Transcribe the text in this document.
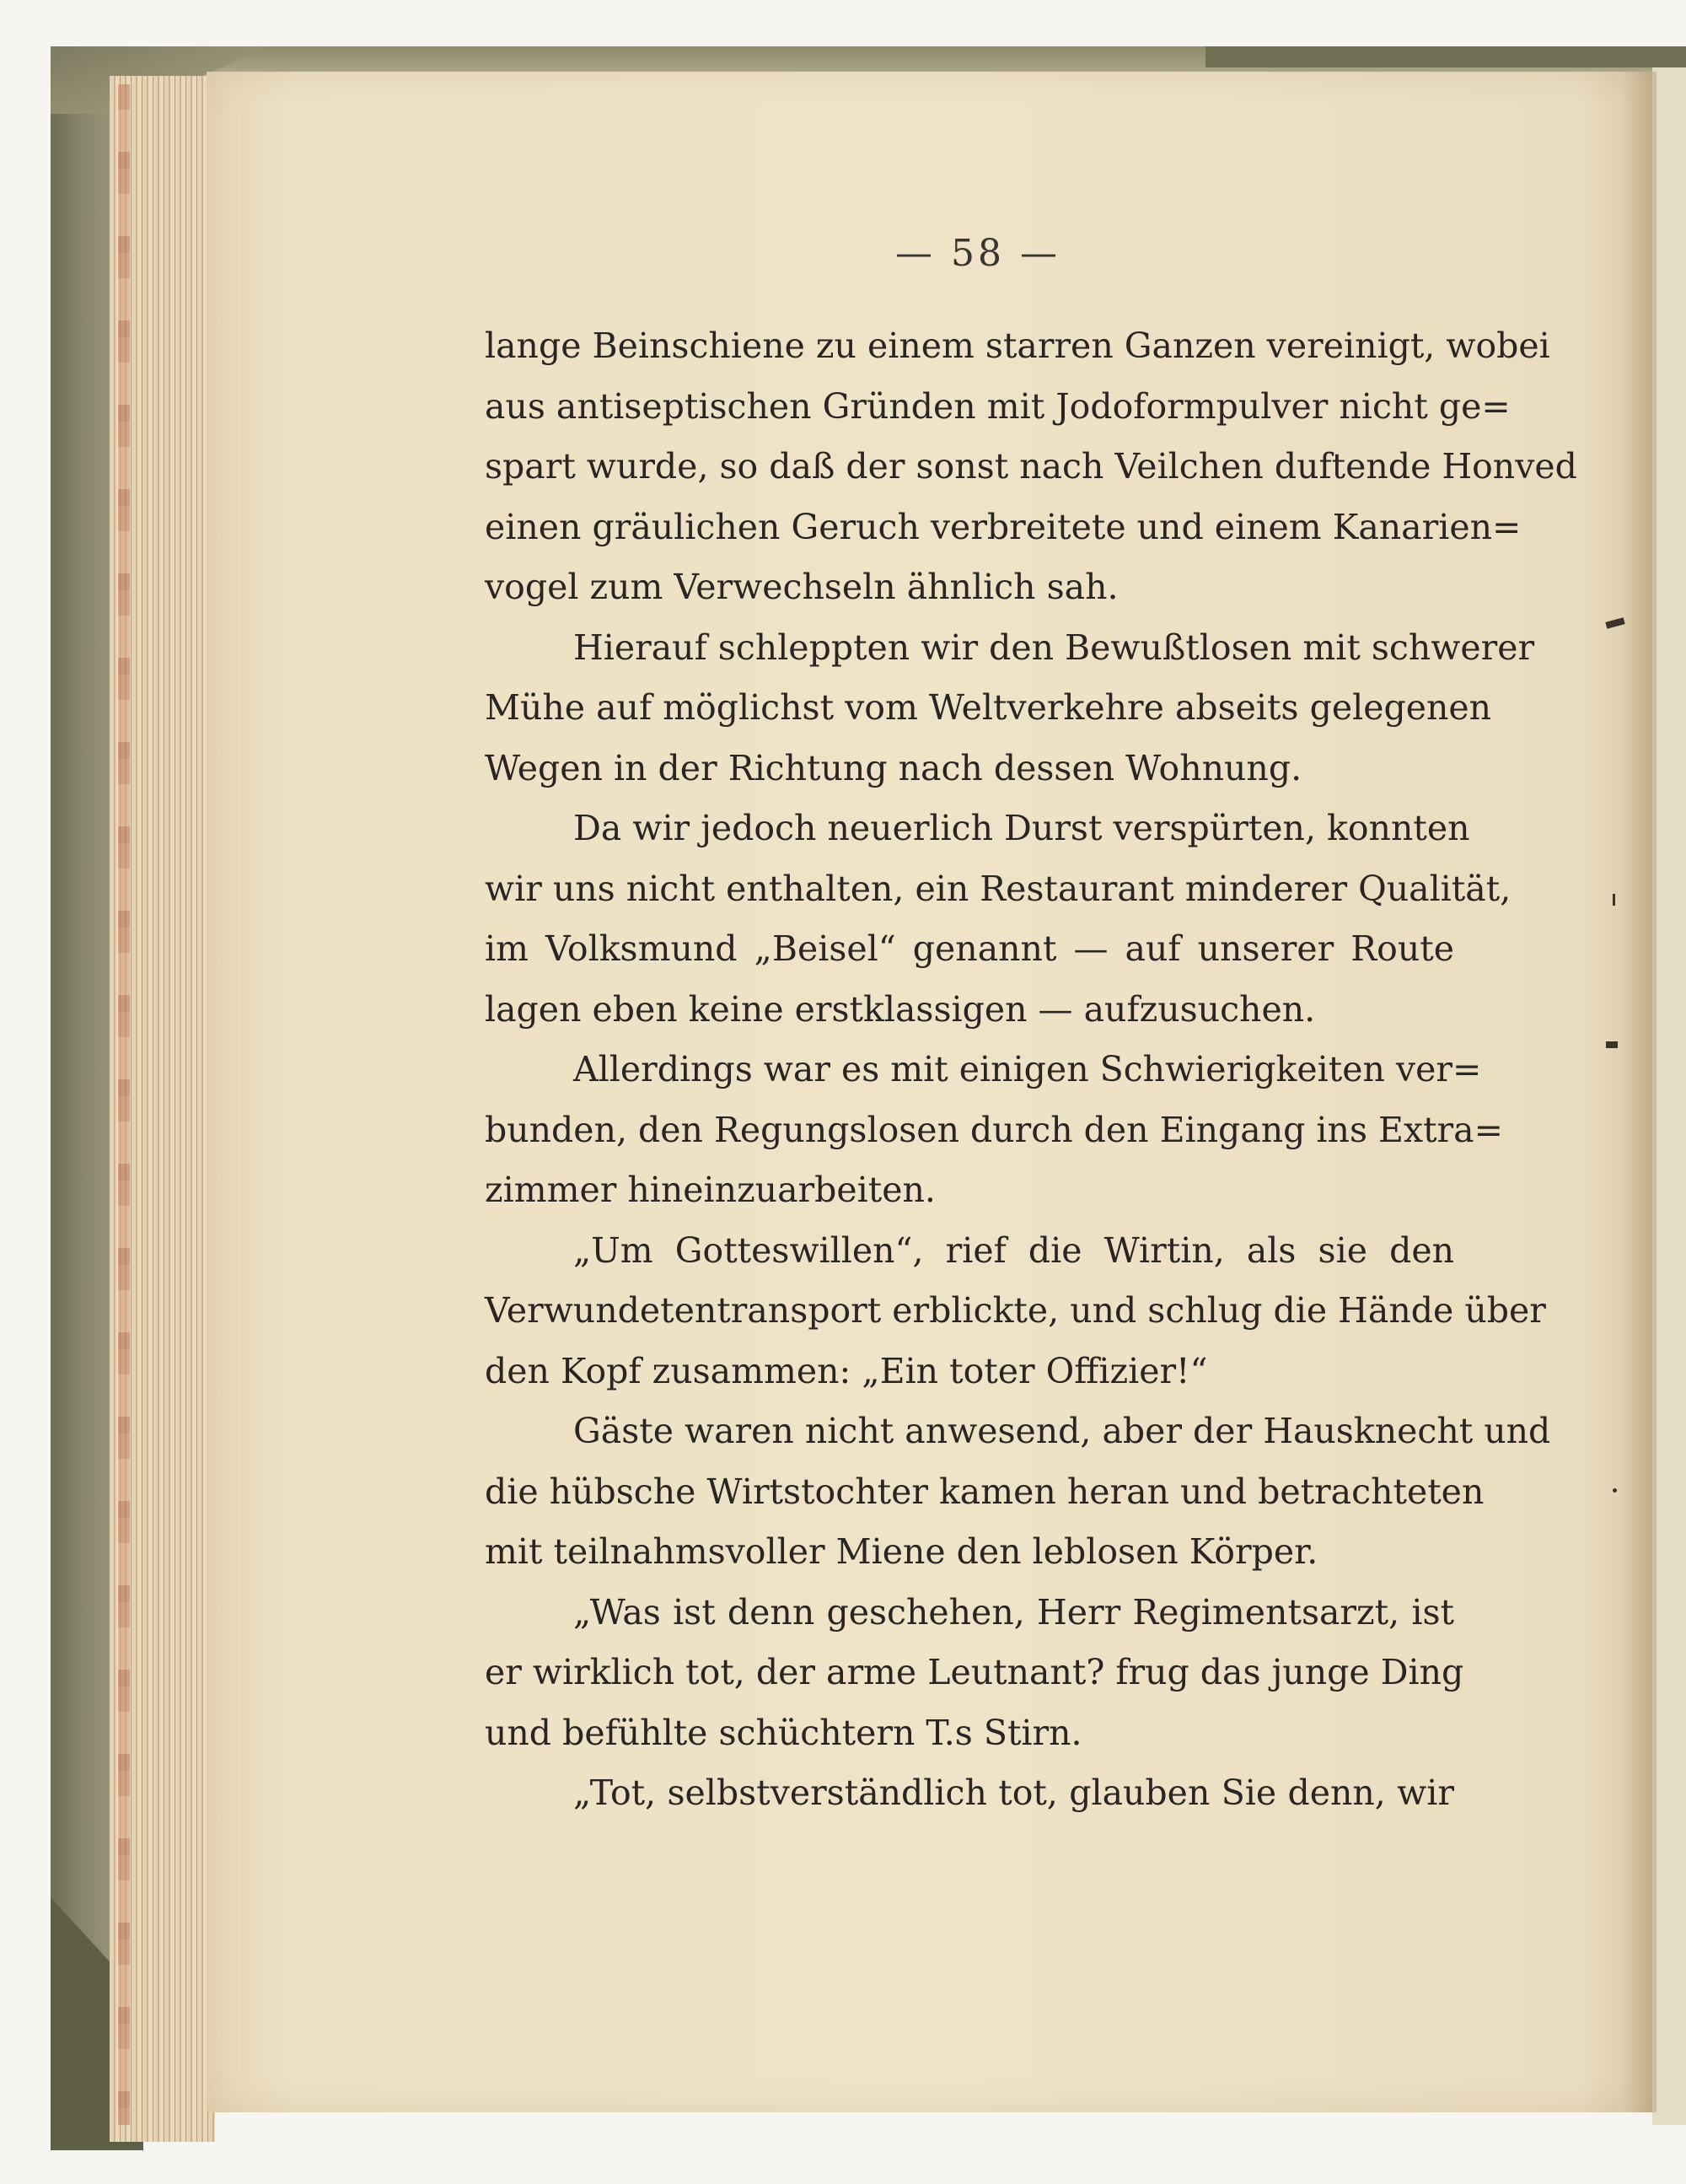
— 58 —
lange Beinschiene zu einem starren Ganzen vereinigt, wobei
aus antiseptischen Gründen mit Jodoformpulver nicht ge=
spart wurde, so daß der sonst nach Veilchen duftende Honved
einen gräulichen Geruch verbreitete und einem Kanarien=
vogel zum Verwechseln ähnlich sah.
Hierauf schleppten wir den Bewußtlosen mit schwerer
Mühe auf möglichst vom Weltverkehre abseits gelegenen
Wegen in der Richtung nach dessen Wohnung.
Da wir jedoch neuerlich Durst verspürten, konnten
wir uns nicht enthalten, ein Restaurant minderer Qualität,
im Volksmund „Beisel“ genannt — auf unserer Route
lagen eben keine erstklassigen — aufzusuchen.
Allerdings war es mit einigen Schwierigkeiten ver=
bunden, den Regungslosen durch den Eingang ins Extra=
zimmer hineinzuarbeiten.
„Um Gotteswillen“, rief die Wirtin, als sie den
Verwundetentransport erblickte, und schlug die Hände über
den Kopf zusammen: „Ein toter Offizier!“
Gäste waren nicht anwesend, aber der Hausknecht und
die hübsche Wirtstochter kamen heran und betrachteten
mit teilnahmsvoller Miene den leblosen Körper.
„Was ist denn geschehen, Herr Regimentsarzt, ist
er wirklich tot, der arme Leutnant? frug das junge Ding
und befühlte schüchtern T.s Stirn.
„Tot, selbstverständlich tot, glauben Sie denn, wir
